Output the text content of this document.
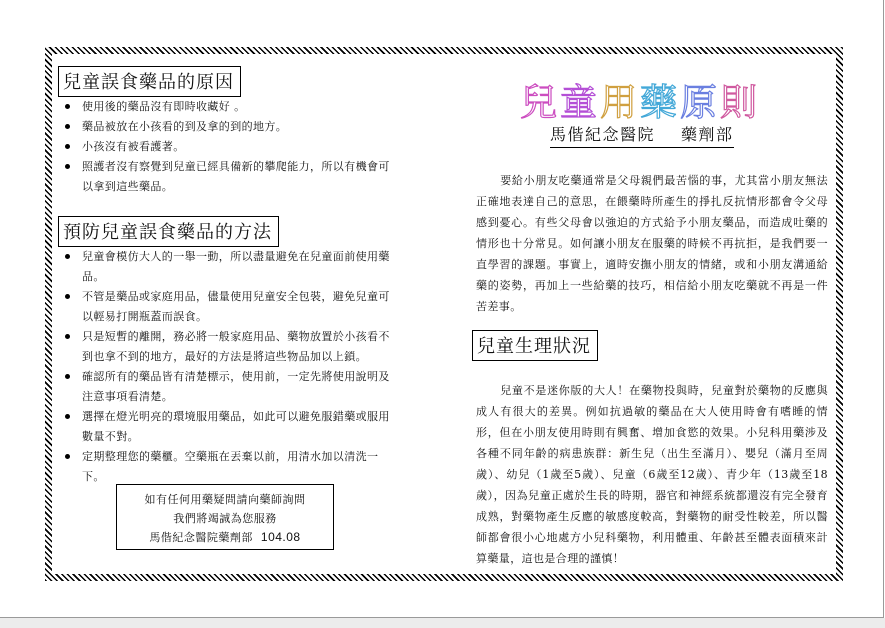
兒童誤食藥品的原因
使用後的藥品沒有即時收藏好 。
藥品被放在小孩看的到及拿的到的地方。
小孩沒有被看護著。
照護者沒有察覺到兒童已經具備新的攀爬能力，所以有機會可以拿到這些藥品。
預防兒童誤食藥品的方法
兒童會模仿大人的一舉一動，所以盡量避免在兒童面前使用藥品。
不管是藥品或家庭用品，儘量使用兒童安全包裝，避免兒童可以輕易打開瓶蓋而誤食。
只是短暫的離開，務必將一般家庭用品、藥物放置於小孩看不到也拿不到的地方，最好的方法是將這些物品加以上鎖。
確認所有的藥品皆有清楚標示，使用前，一定先將使用說明及注意事項看清楚。
選擇在燈光明亮的環境服用藥品，如此可以避免服錯藥或服用數量不對。
定期整理您的藥櫃。空藥瓶在丟棄以前，用清水加以清洗一下。
如有任何用藥疑問請向藥師詢問
我們將竭誠為您服務
馬偕紀念醫院藥劑部 104.08
兒童用藥原則
馬偕紀念醫院 藥劑部

要給小朋友吃藥通常是父母親們最苦惱的事，尤其當小朋友無法正確地表達自己的意思，在餵藥時所產生的掙扎反抗情形都會令父母感到憂心。有些父母會以強迫的方式給予小朋友藥品，而造成吐藥的情形也十分常見。如何讓小朋友在服藥的時候不再抗拒，是我們要一直學習的課題。事實上，適時安撫小朋友的情緒，或和小朋友溝通給藥的姿勢，再加上一些給藥的技巧，相信給小朋友吃藥就不再是一件苦差事。

兒童生理狀況

兒童不是迷你版的大人！在藥物投與時，兒童對於藥物的反應與成人有很大的差異。例如抗過敏的藥品在大人使用時會有嗜睡的情形，但在小朋友使用時則有興奮、增加食慾的效果。小兒科用藥涉及各種不同年齡的病患族群：新生兒（出生至滿月）、嬰兒（滿月至周歲）、幼兒（1歲至5歲）、兒童（6歲至12歲）、青少年（13歲至18歲），因為兒童正處於生長的時期，器官和神經系統都還沒有完全發育成熟，對藥物產生反應的敏感度較高，對藥物的耐受性較差，所以醫師都會很小心地處方小兒科藥物，利用體重、年齡甚至體表面積來計算藥量，這也是合理的謹慎！
